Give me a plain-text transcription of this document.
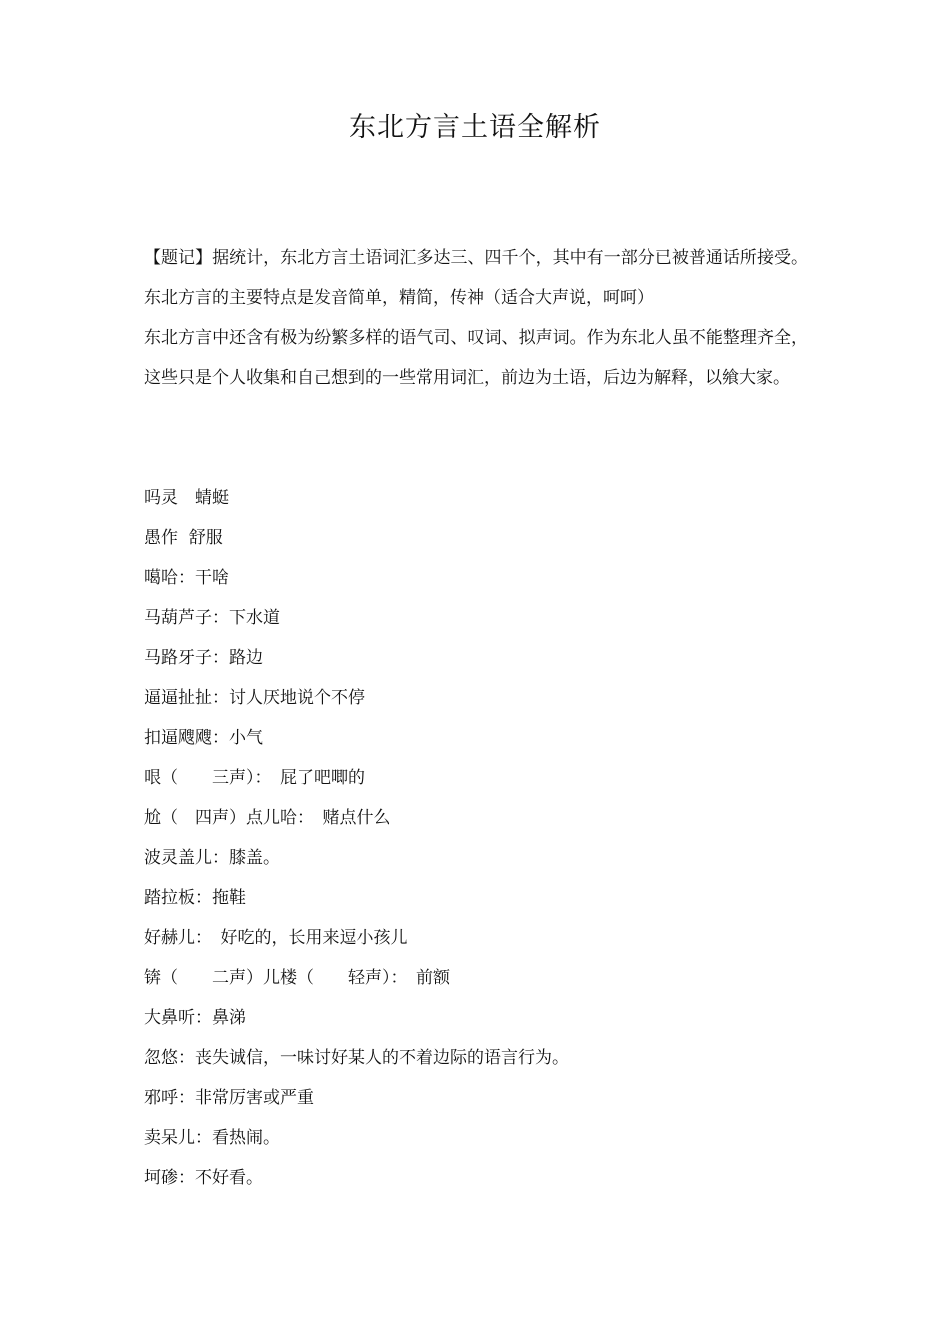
东北方言土语全解析

【题记】据统计，东北方言土语词汇多达三、四千个，其中有一部分已被普通话所接受。东北方言的主要特点是发音简单，精简，传神（适合大声说，呵呵）

东北方言中还含有极为纷繁多样的语气司、叹词、拟声词。作为东北人虽不能整理齐全，这些只是个人收集和自己想到的一些常用词汇，前边为土语，后边为解释，以飨大家。

吗灵　蜻蜓
愚作  舒服
噶哈：干啥
马葫芦子：下水道
马路牙子：路边
逼逼扯扯：讨人厌地说个不停
扣逼飕飕：小气
哏（　　三声）：　屁了吧唧的
尬（　四声）点儿哈：　赌点什么
波灵盖儿：膝盖。
踏拉板：拖鞋
好赫儿：　好吃的，长用来逗小孩儿
锛（　　二声）儿楼（　　轻声）：　前额
大鼻听：鼻涕
忽悠：丧失诚信，一味讨好某人的不着边际的语言行为。
邪呼：非常厉害或严重
卖呆儿：看热闹。
坷碜：不好看。
